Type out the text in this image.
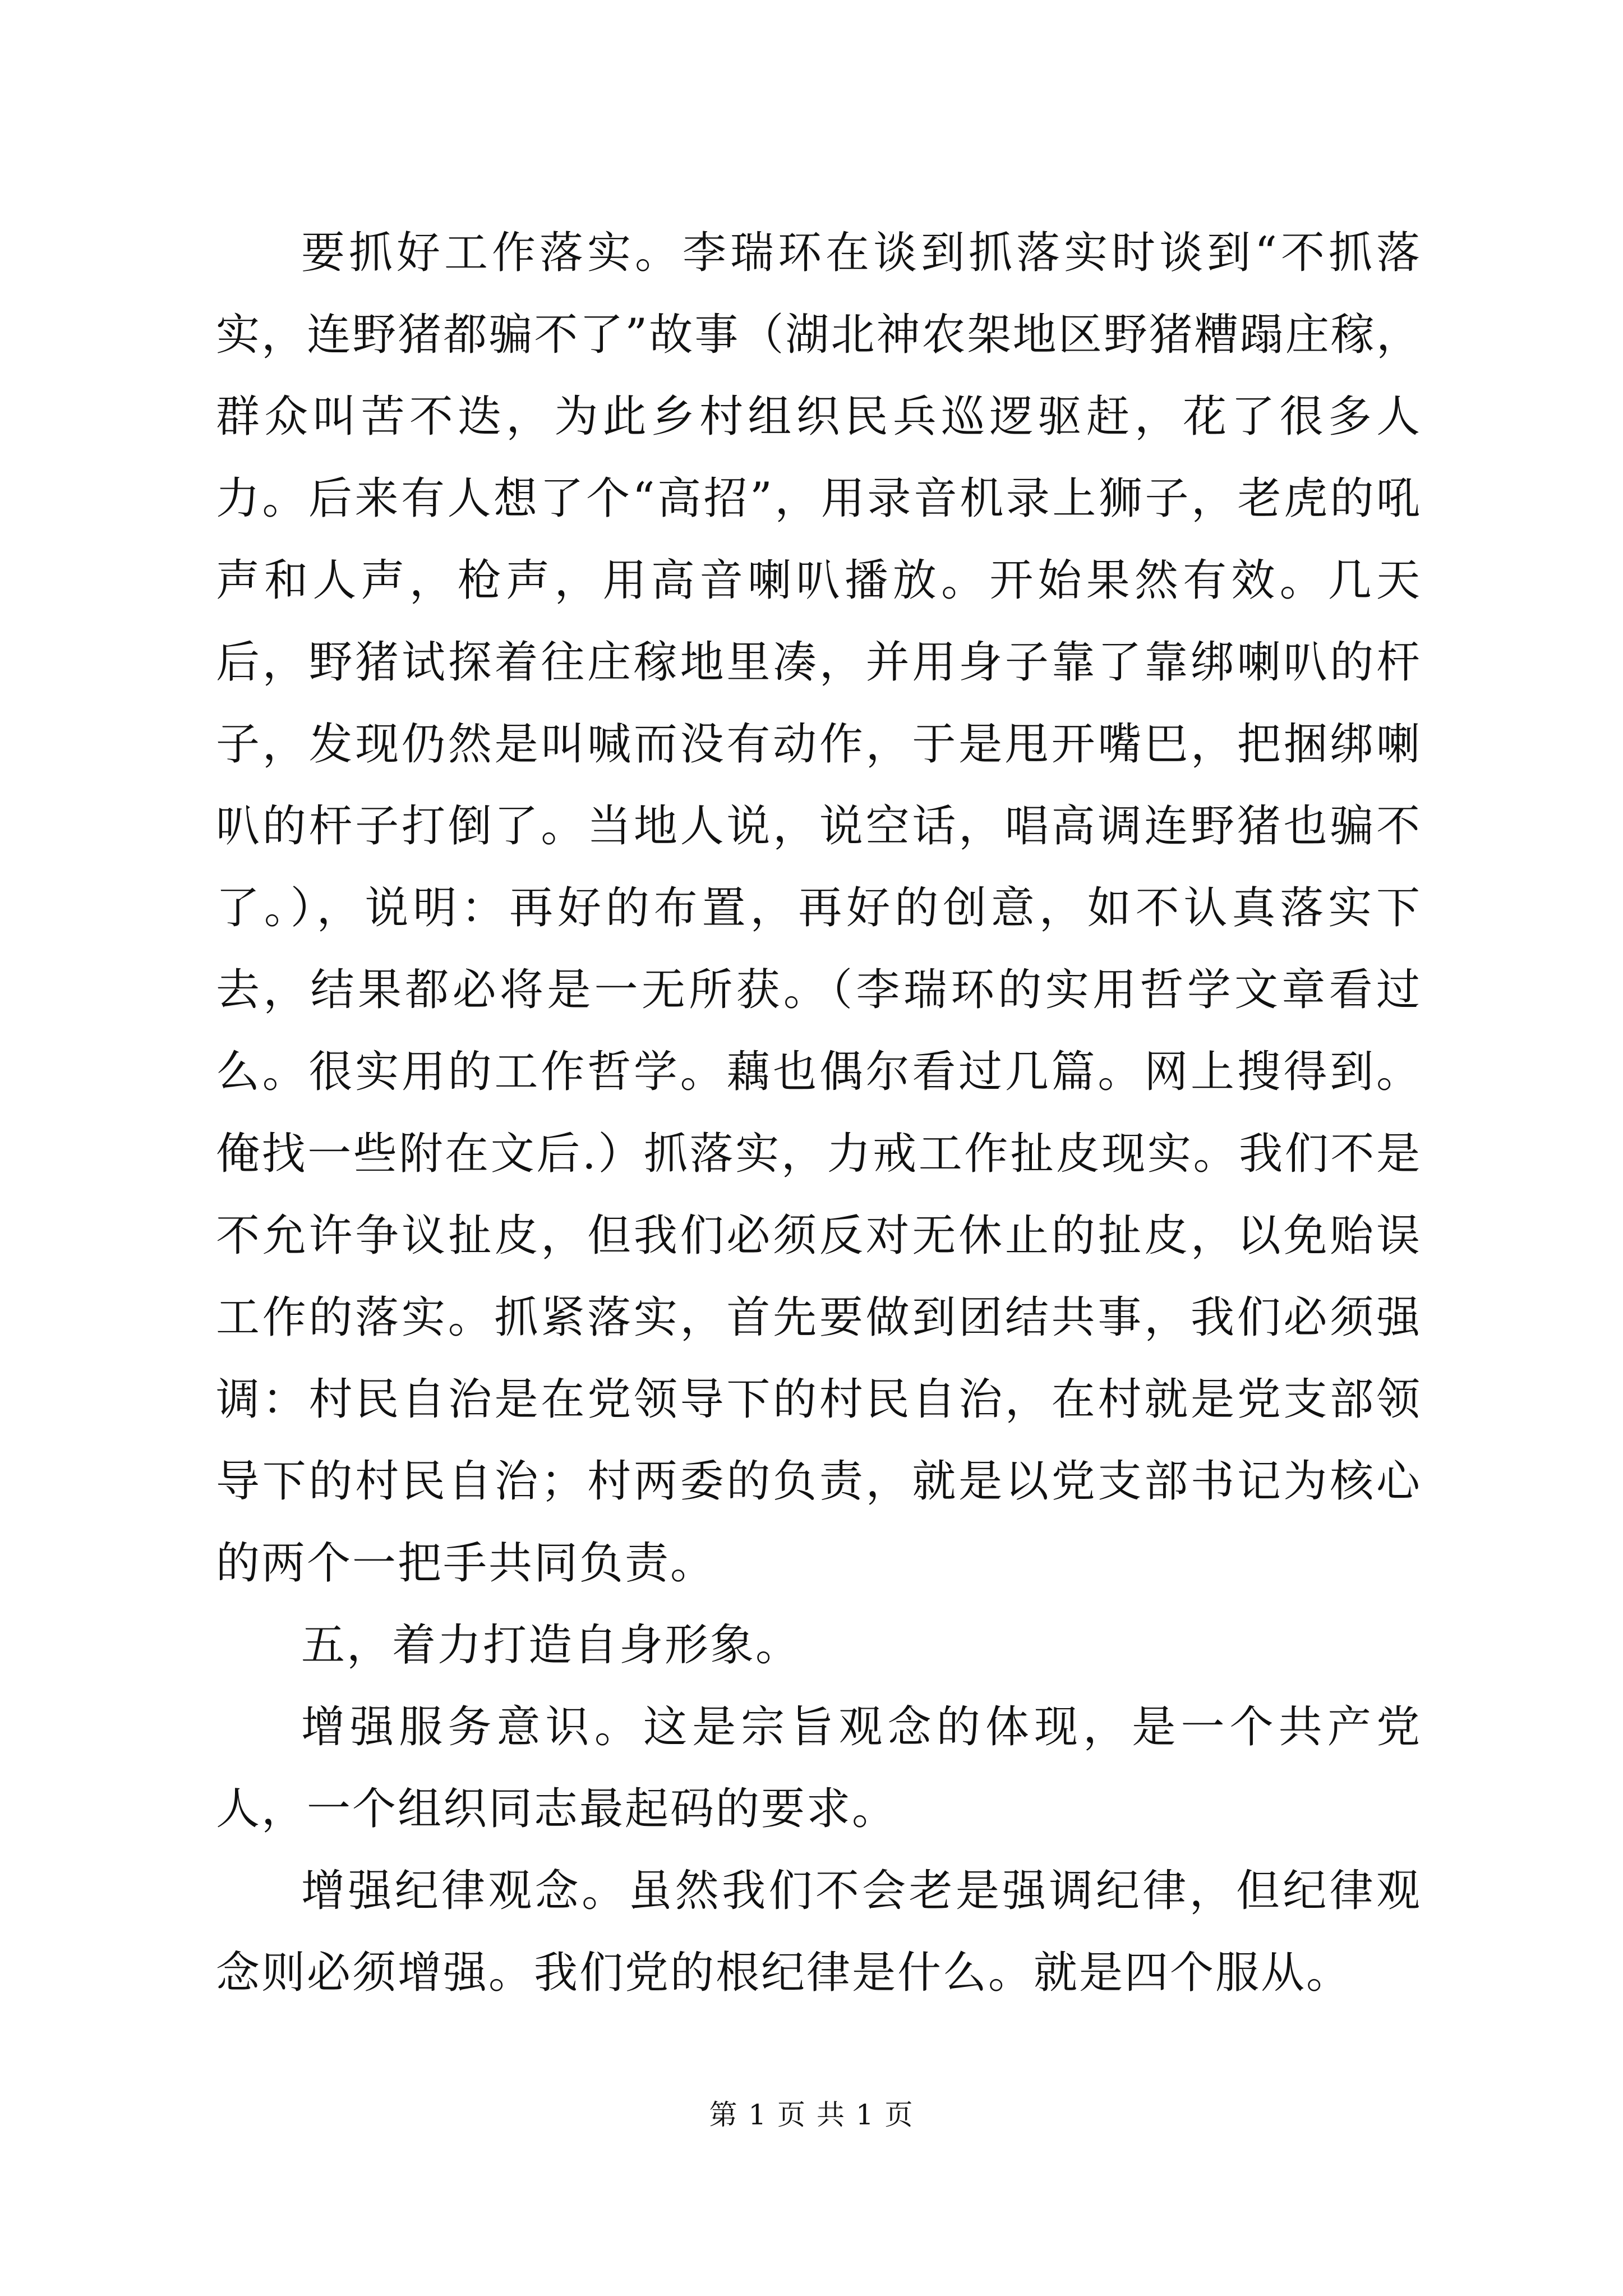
要抓好工作落实。李瑞环在谈到抓落实时谈到“不抓落实，连野猪都骗不了”故事（湖北神农架地区野猪糟蹋庄稼，群众叫苦不迭，为此乡村组织民兵巡逻驱赶，花了很多人力。后来有人想了个“高招”，用录音机录上狮子，老虎的吼声和人声，枪声，用高音喇叭播放。开始果然有效。几天后，野猪试探着往庄稼地里凑，并用身子靠了靠绑喇叭的杆子，发现仍然是叫喊而没有动作，于是甩开嘴巴，把捆绑喇叭的杆子打倒了。当地人说，说空话，唱高调连野猪也骗不了。），说明：再好的布置，再好的创意，如不认真落实下去，结果都必将是一无所获。（李瑞环的实用哲学文章看过么。很实用的工作哲学。藕也偶尔看过几篇。网上搜得到。俺找一些附在文后.）抓落实，力戒工作扯皮现实。我们不是不允许争议扯皮，但我们必须反对无休止的扯皮，以免贻误工作的落实。抓紧落实，首先要做到团结共事，我们必须强调：村民自治是在党领导下的村民自治，在村就是党支部领导下的村民自治；村两委的负责，就是以党支部书记为核心的两个一把手共同负责。

五，着力打造自身形象。

增强服务意识。这是宗旨观念的体现，是一个共产党人，一个组织同志最起码的要求。

增强纪律观念。虽然我们不会老是强调纪律，但纪律观念则必须增强。我们党的根纪律是什么。就是四个服从。

第 1 页 共 1 页
